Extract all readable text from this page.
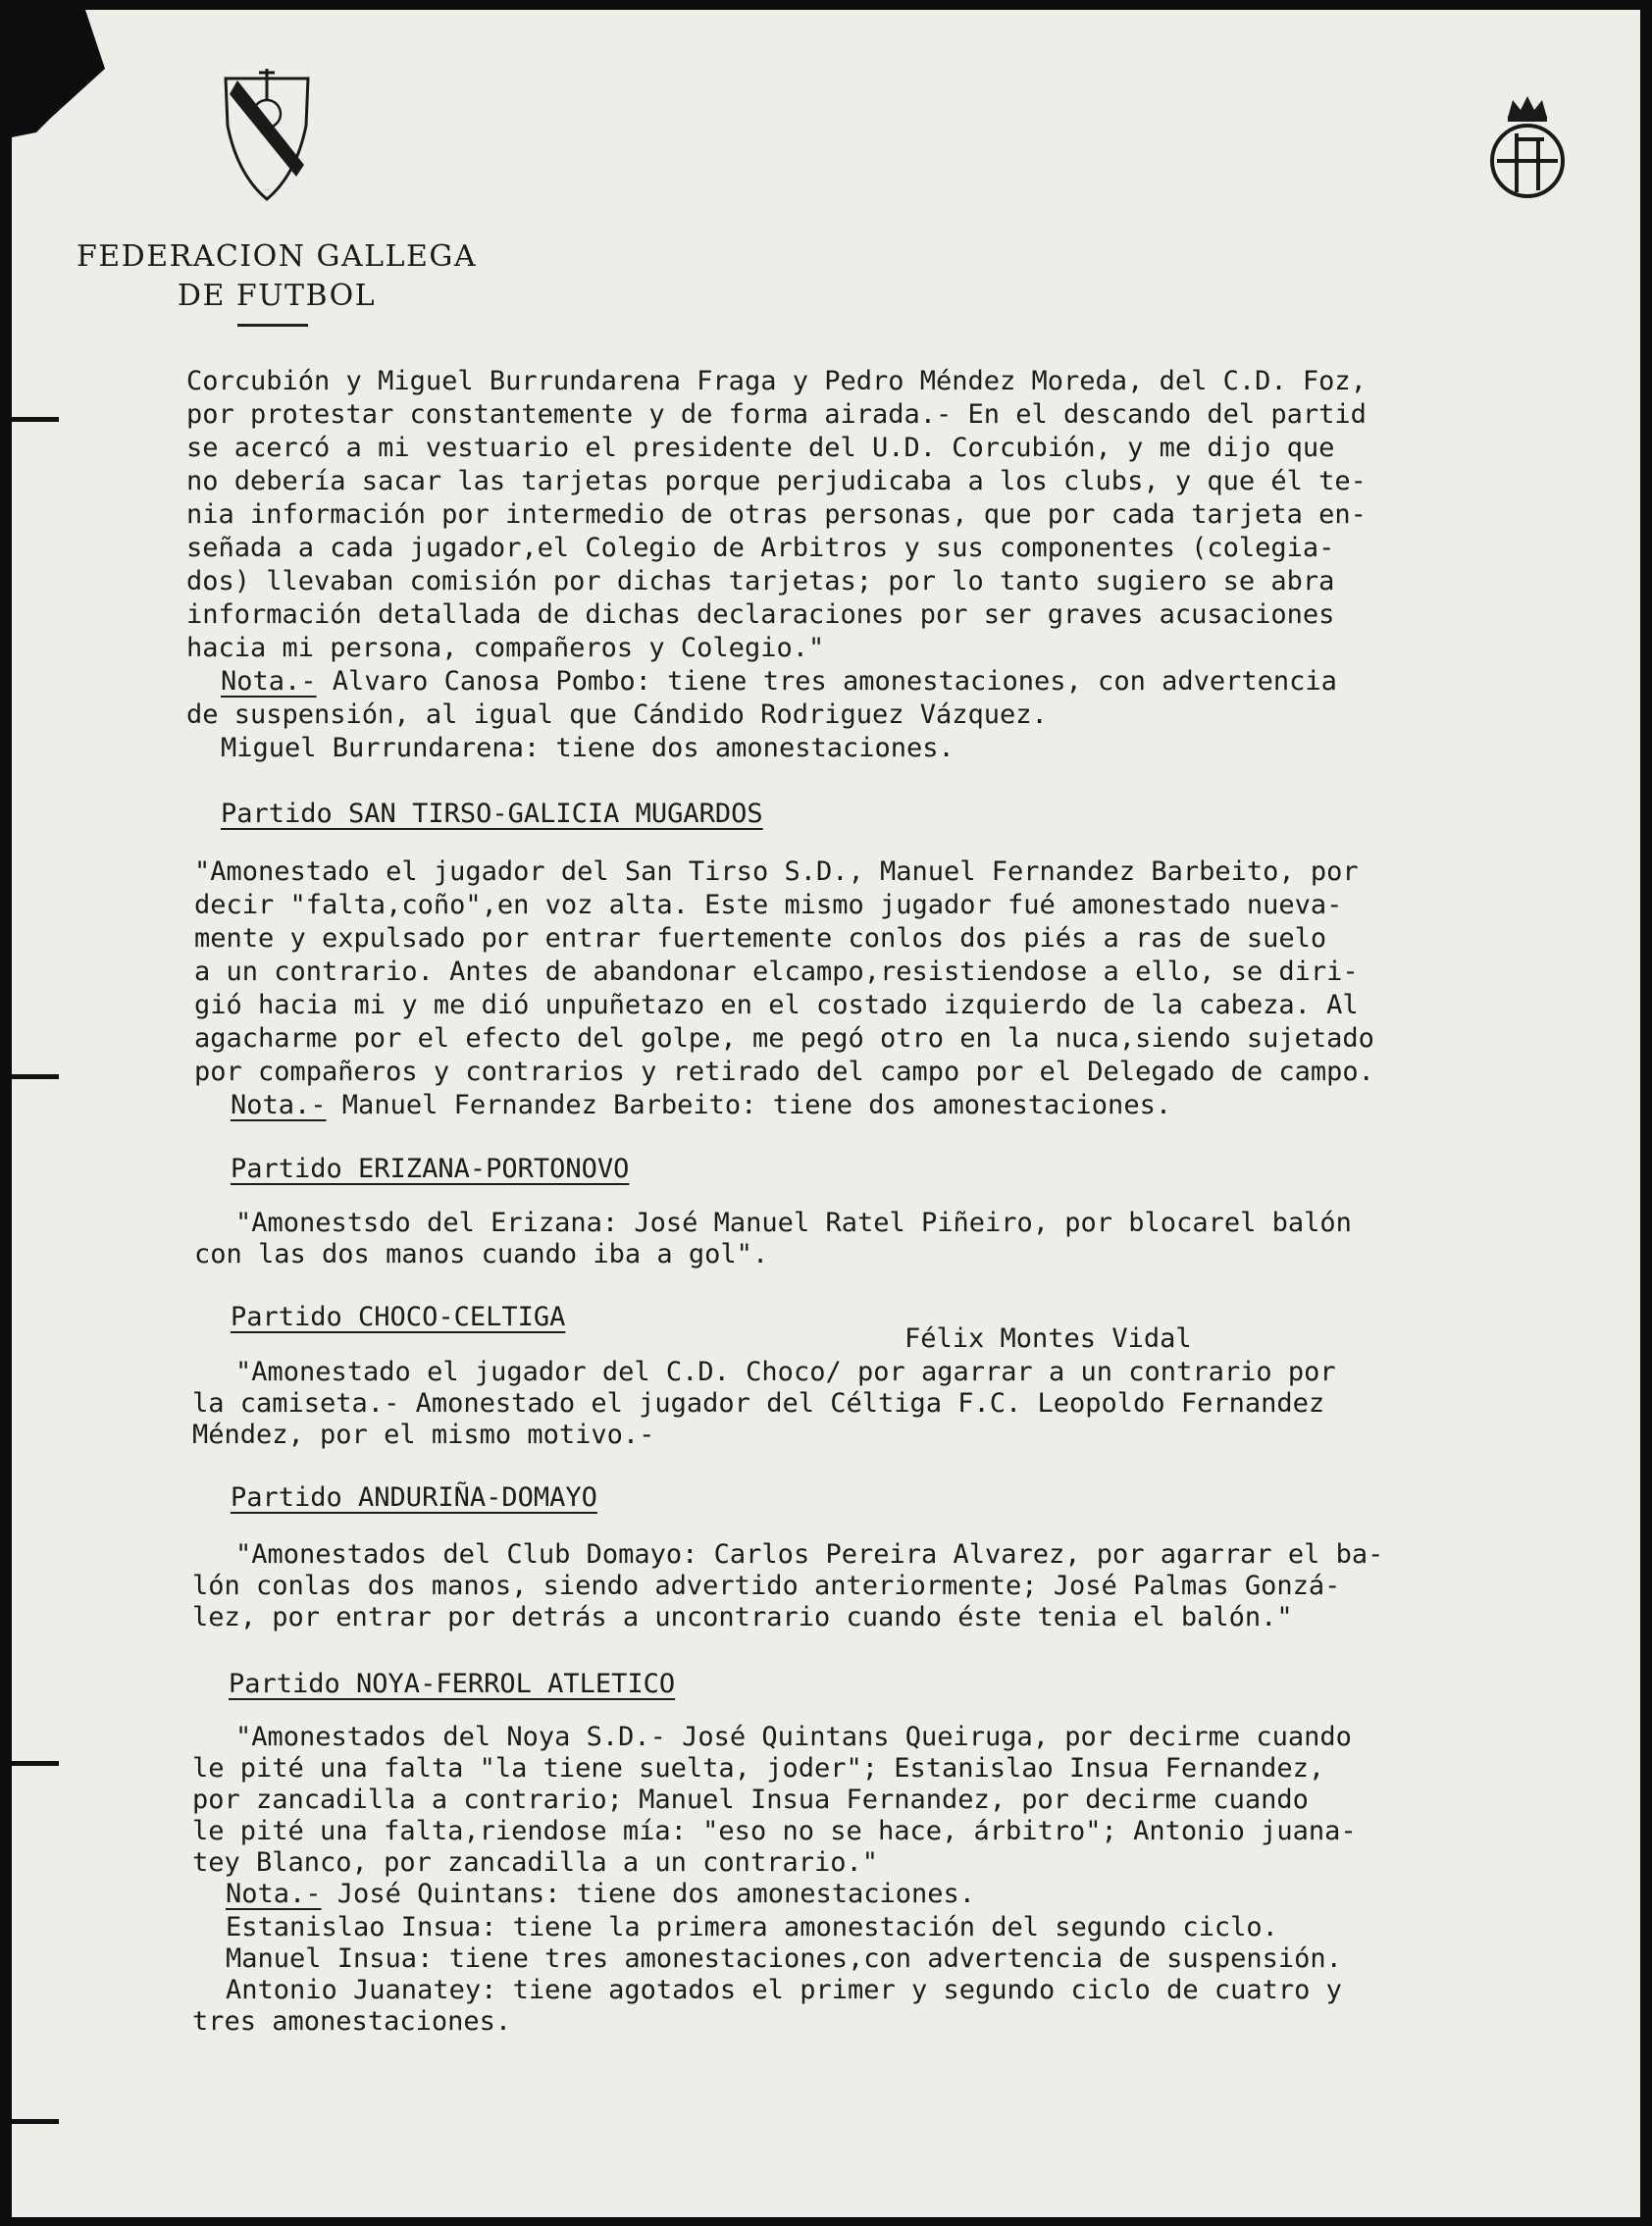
FEDERACION GALLEGA
DE FUTBOL
Corcubión y Miguel Burrundarena Fraga y Pedro Méndez Moreda, del C.D. Foz,
por protestar constantemente y de forma airada.- En el descando del partid
se acercó a mi vestuario el presidente del U.D. Corcubión, y me dijo que
no debería sacar las tarjetas porque perjudicaba a los clubs, y que él te-
nia información por intermedio de otras personas, que por cada tarjeta en-
señada a cada jugador,el Colegio de Arbitros y sus componentes (colegia-
dos) llevaban comisión por dichas tarjetas; por lo tanto sugiero se abra
información detallada de dichas declaraciones por ser graves acusaciones
hacia mi persona, compañeros y Colegio."
Nota.- Alvaro Canosa Pombo: tiene tres amonestaciones, con advertencia
de suspensión, al igual que Cándido Rodriguez Vázquez.
Miguel Burrundarena: tiene dos amonestaciones.
Partido SAN TIRSO-GALICIA MUGARDOS
"Amonestado el jugador del San Tirso S.D., Manuel Fernandez Barbeito, por
decir "falta,coño",en voz alta. Este mismo jugador fué amonestado nueva-
mente y expulsado por entrar fuertemente conlos dos piés a ras de suelo
a un contrario. Antes de abandonar elcampo,resistiendose a ello, se diri-
gió hacia mi y me dió unpuñetazo en el costado izquierdo de la cabeza. Al
agacharme por el efecto del golpe, me pegó otro en la nuca,siendo sujetado
por compañeros y contrarios y retirado del campo por el Delegado de campo.
Nota.- Manuel Fernandez Barbeito: tiene dos amonestaciones.
Partido ERIZANA-PORTONOVO
"Amonestsdo del Erizana: José Manuel Ratel Piñeiro, por blocarel balón
con las dos manos cuando iba a gol".
Partido CHOCO-CELTIGA
Félix Montes Vidal
"Amonestado el jugador del C.D. Choco/ por agarrar a un contrario por
la camiseta.- Amonestado el jugador del Céltiga F.C. Leopoldo Fernandez
Méndez, por el mismo motivo.-
Partido ANDURIÑA-DOMAYO
"Amonestados del Club Domayo: Carlos Pereira Alvarez, por agarrar el ba-
lón conlas dos manos, siendo advertido anteriormente; José Palmas Gonzá-
lez, por entrar por detrás a uncontrario cuando éste tenia el balón."
Partido NOYA-FERROL ATLETICO
"Amonestados del Noya S.D.- José Quintans Queiruga, por decirme cuando
le pité una falta "la tiene suelta, joder"; Estanislao Insua Fernandez,
por zancadilla a contrario; Manuel Insua Fernandez, por decirme cuando
le pité una falta,riendose mía: "eso no se hace, árbitro"; Antonio juana-
tey Blanco, por zancadilla a un contrario."
Nota.- José Quintans: tiene dos amonestaciones.
Estanislao Insua: tiene la primera amonestación del segundo ciclo.
Manuel Insua: tiene tres amonestaciones,con advertencia de suspensión.
Antonio Juanatey: tiene agotados el primer y segundo ciclo de cuatro y
tres amonestaciones.
